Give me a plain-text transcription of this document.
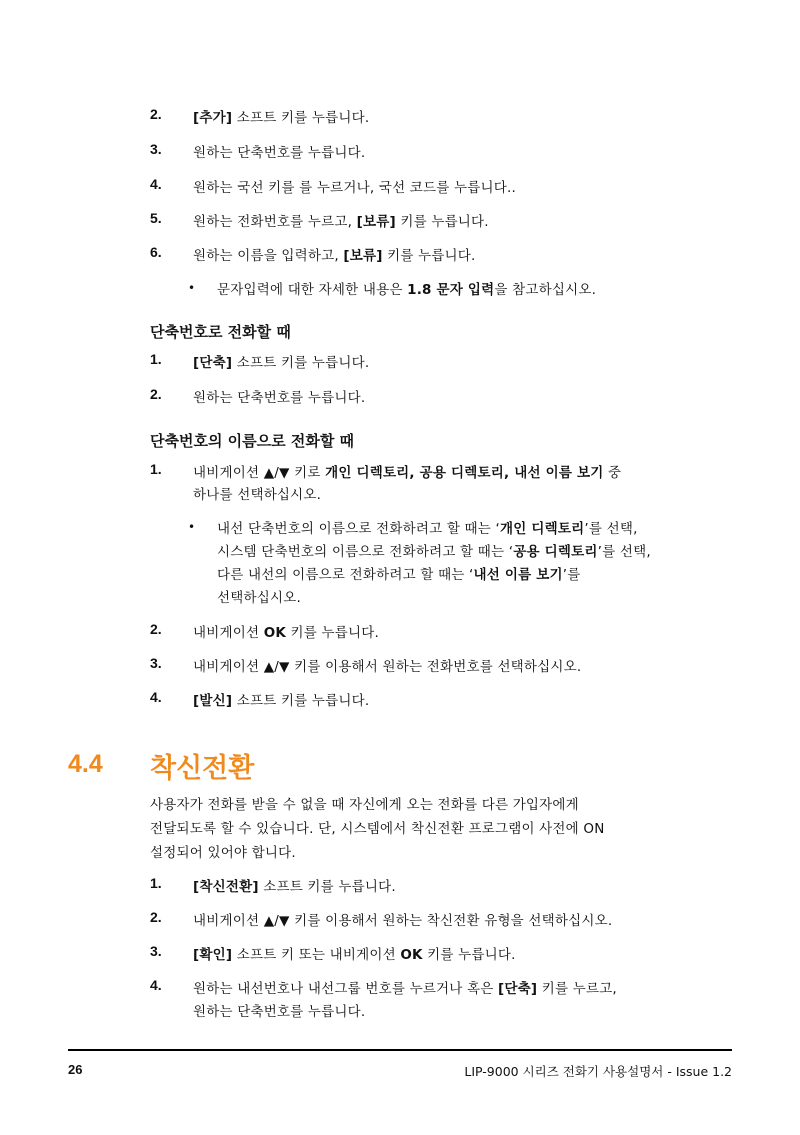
2. [추가] 소프트 키를 누릅니다.
3. 원하는 단축번호를 누릅니다.
4. 원하는 국선 키를 를 누르거나, 국선 코드를 누릅니다..
5. 원하는 전화번호를 누르고, [보류] 키를 누릅니다.
6. 원하는 이름을 입력하고, [보류] 키를 누릅니다.
• 문자입력에 대한 자세한 내용은 1.8 문자 입력을 참고하십시오.
단축번호로 전화할 때
1. [단축] 소프트 키를 누릅니다.
2. 원하는 단축번호를 누릅니다.
단축번호의 이름으로 전화할 때
1. 내비게이션 ▲/▼ 키로 개인 디렉토리, 공용 디렉토리, 내선 이름 보기 중
하나를 선택하십시오.
• 내선 단축번호의 이름으로 전화하려고 할 때는 ‘개인 디렉토리’를 선택,
시스템 단축번호의 이름으로 전화하려고 할 때는 ‘공용 디렉토리’를 선택,
다른 내선의 이름으로 전화하려고 할 때는 ‘내선 이름 보기’를
선택하십시오.
2. 내비게이션 OK 키를 누릅니다.
3. 내비게이션 ▲/▼ 키를 이용해서 원하는 전화번호를 선택하십시오.
4. [발신] 소프트 키를 누릅니다.
4.4 착신전환
사용자가 전화를 받을 수 없을 때 자신에게 오는 전화를 다른 가입자에게
전달되도록 할 수 있습니다. 단, 시스템에서 착신전환 프로그램이 사전에 ON
설정되어 있어야 합니다.
1. [착신전환] 소프트 키를 누릅니다.
2. 내비게이션 ▲/▼ 키를 이용해서 원하는 착신전환 유형을 선택하십시오.
3. [확인] 소프트 키 또는 내비게이션 OK 키를 누릅니다.
4. 원하는 내선번호나 내선그룹 번호를 누르거나 혹은 [단축] 키를 누르고,
원하는 단축번호를 누릅니다.
26	LIP-9000 시리즈 전화기 사용설명서 - Issue 1.2
